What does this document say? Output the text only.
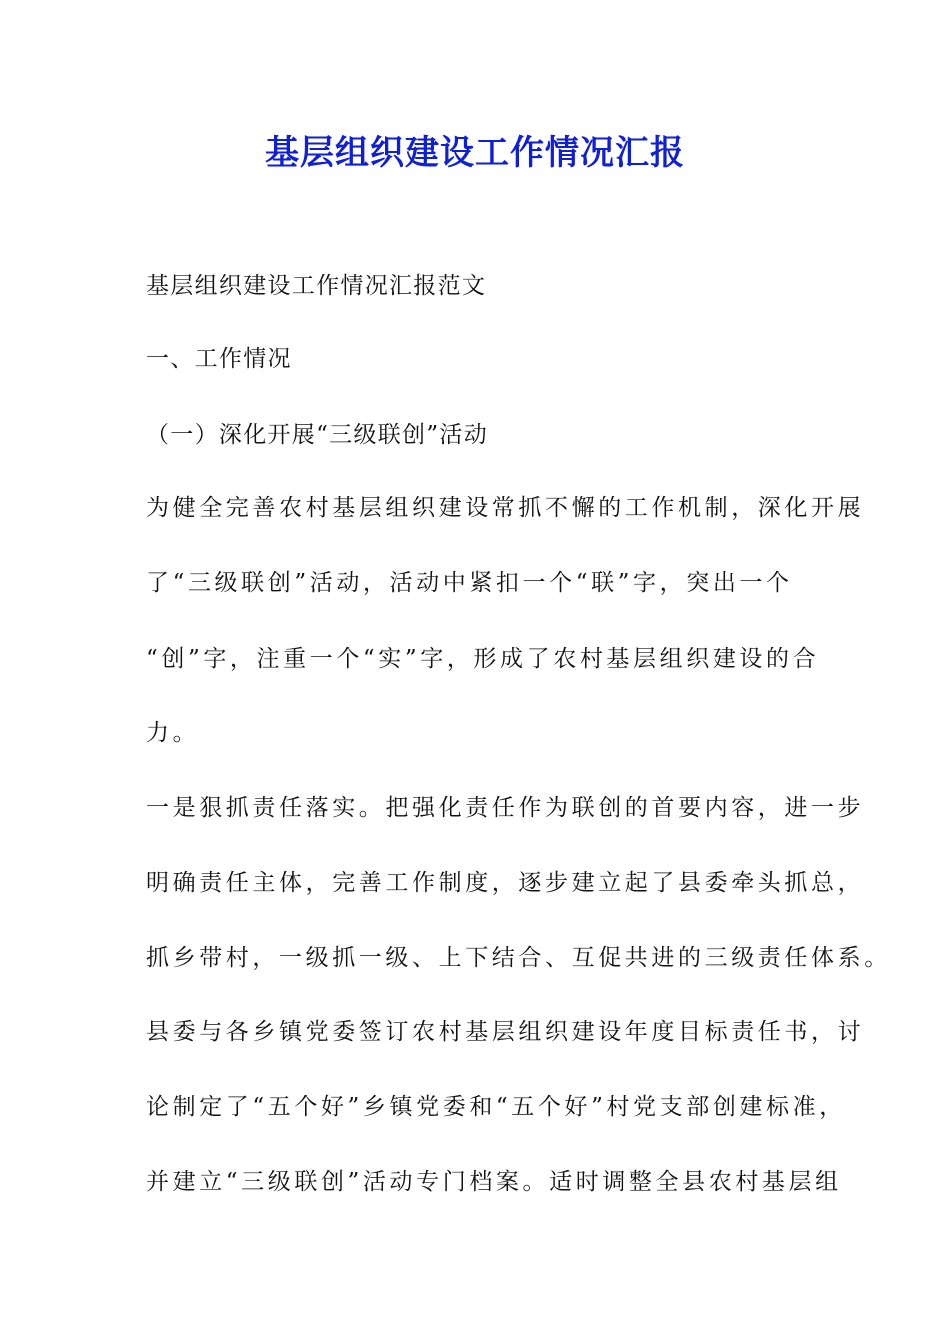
基层组织建设工作情况汇报
基层组织建设工作情况汇报范文
一、工作情况
（一）深化开展“三级联创”活动
为健全完善农村基层组织建设常抓不懈的工作机制，深化开展
了“三级联创”活动，活动中紧扣一个“联”字，突出一个
“创”字，注重一个“实”字，形成了农村基层组织建设的合
力。
一是狠抓责任落实。把强化责任作为联创的首要内容，进一步
明确责任主体，完善工作制度，逐步建立起了县委牵头抓总，
抓乡带村，一级抓一级、上下结合、互促共进的三级责任体系。
县委与各乡镇党委签订农村基层组织建设年度目标责任书，讨
论制定了“五个好”乡镇党委和“五个好”村党支部创建标准，
并建立“三级联创”活动专门档案。适时调整全县农村基层组
